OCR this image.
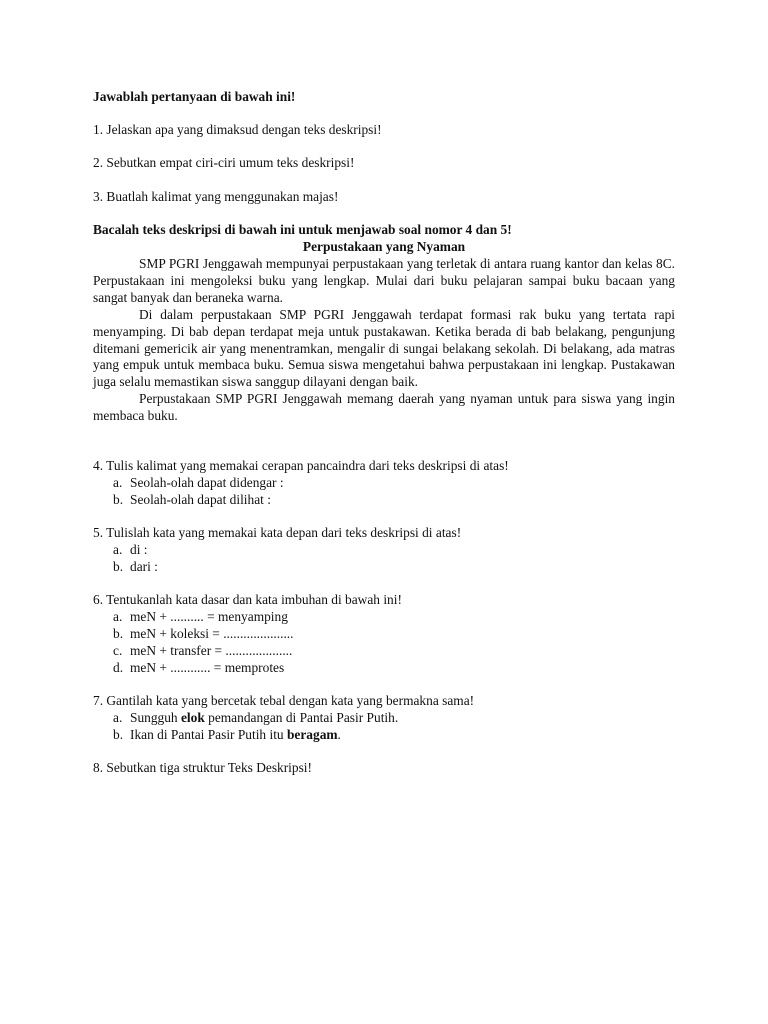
Jawablah pertanyaan di bawah ini!
1. Jelaskan apa yang dimaksud dengan teks deskripsi!
2. Sebutkan empat ciri-ciri umum teks deskripsi!
3. Buatlah kalimat yang menggunakan majas!
Bacalah teks deskripsi di bawah ini untuk menjawab soal nomor 4 dan 5!
Perpustakaan yang Nyaman

SMP PGRI Jenggawah mempunyai perpustakaan yang terletak di antara ruang kantor dan kelas 8C. Perpustakaan ini mengoleksi buku yang lengkap. Mulai dari buku pelajaran sampai buku bacaan yang sangat banyak dan beraneka warna.

Di dalam perpustakaan SMP PGRI Jenggawah terdapat formasi rak buku yang tertata rapi menyamping. Di bab depan terdapat meja untuk pustakawan. Ketika berada di bab belakang, pengunjung ditemani gemericik air yang menentramkan, mengalir di sungai belakang sekolah. Di belakang, ada matras yang empuk untuk membaca buku. Semua siswa mengetahui bahwa perpustakaan ini lengkap. Pustakawan juga selalu memastikan siswa sanggup dilayani dengan baik.

Perpustakaan SMP PGRI Jenggawah memang daerah yang nyaman untuk para siswa yang ingin membaca buku.

4. Tulis kalimat yang memakai cerapan pancaindra dari teks deskripsi di atas!
a. Seolah-olah dapat didengar :
b. Seolah-olah dapat dilihat :
5. Tulislah kata yang memakai kata depan dari teks deskripsi di atas!
a. di :
b. dari :
6. Tentukanlah kata dasar dan kata imbuhan di bawah ini!
a. meN + .......... = menyamping
b. meN + koleksi = .....................
c. meN + transfer = ....................
d. meN + ............ = memprotes
7. Gantilah kata yang bercetak tebal dengan kata yang bermakna sama!
a. Sungguh elok pemandangan di Pantai Pasir Putih.
b. Ikan di Pantai Pasir Putih itu beragam.
8. Sebutkan tiga struktur Teks Deskripsi!
